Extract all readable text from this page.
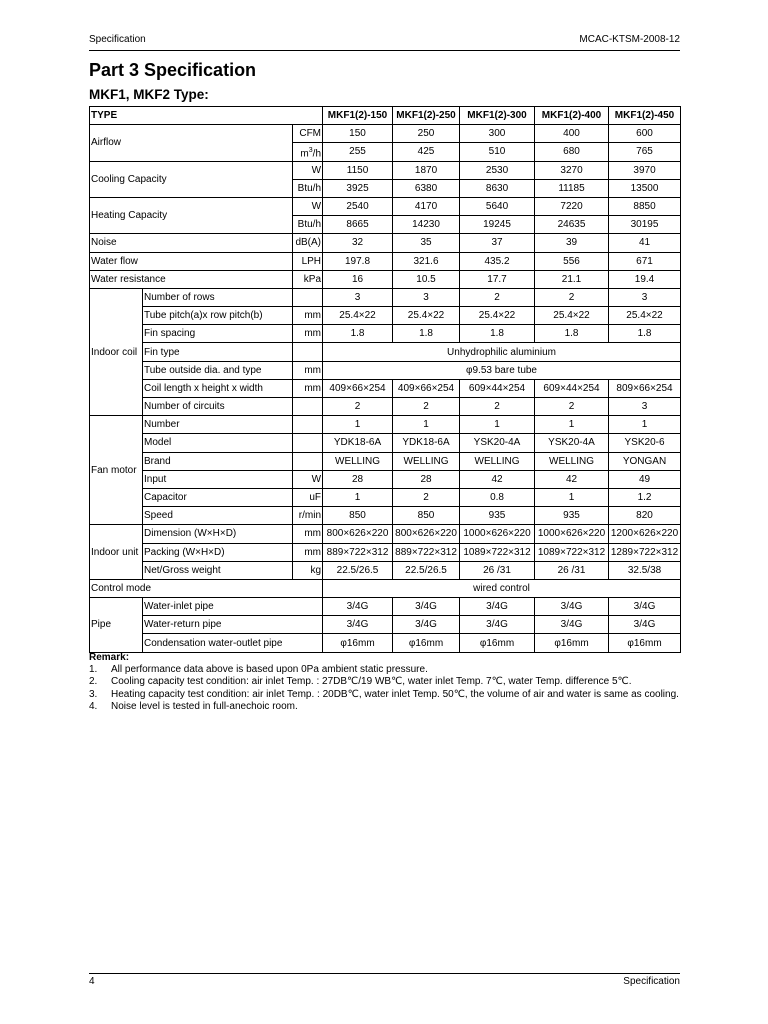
Specification	MCAC-KTSM-2008-12
Part 3 Specification
MKF1, MKF2 Type:
TYPE			MKF1(2)-150	MKF1(2)-250	MKF1(2)-300	MKF1(2)-400	MKF1(2)-450
Airflow		CFM	150	250	300	400	600
		$m^3/h$	255	425	510	680	765
Cooling Capacity		W	1150	1870	2530	3270	3970
		Btu/h	3925	6380	8630	11185	13500
Heating Capacity		W	2540	4170	5640	7220	8850
		Btu/h	8665	14230	19245	24635	30195
Noise		dB(A)	32	35	37	39	41
Water flow		LPH	197.8	321.6	435.2	556	671
Water resistance		kPa	16	10.5	17.7	21.1	19.4
Indoor coil	Number of rows		3	3	2	2	3
	Tube pitch(a)x row pitch(b)	mm	25.4×22	25.4×22	25.4×22	25.4×22	25.4×22
	Fin spacing	mm	1.8	1.8	1.8	1.8	1.8
	Fin type		Unhydrophilic aluminium				
	Tube outside dia. and type	mm	φ9.53 bare tube				
	Coil length x height x width	mm	409×66×254	409×66×254	609×44×254	609×44×254	809×66×254
	Number of circuits		2	2	2	2	3
Fan motor	Number		1	1	1	1	1
	Model		YDK18-6A	YDK18-6A	YSK20-4A	YSK20-4A	YSK20-6
	Brand		WELLING	WELLING	WELLING	WELLING	YONGAN
	Input	W	28	28	42	42	49
	Capacitor	uF	1	2	0.8	1	1.2
	Speed	r/min	850	850	935	935	820
Indoor unit	Dimension (W×H×D)	mm	800×626×220	800×626×220	1000×626×220	1000×626×220	1200×626×220
	Packing (W×H×D)	mm	889×722×312	889×722×312	1089×722×312	1089×722×312	1289×722×312
	Net/Gross weight	kg	22.5/26.5	22.5/26.5	26 /31	26 /31	32.5/38
Control mode			wired control				
Pipe	Water-inlet pipe		3/4G	3/4G	3/4G	3/4G	3/4G
	Water-return pipe		3/4G	3/4G	3/4G	3/4G	3/4G
	Condensation water-outlet pipe		φ16mm	φ16mm	φ16mm	φ16mm	φ16mm
Remark:
1. All performance data above is based upon 0Pa ambient static pressure.
2. Cooling capacity test condition: air inlet Temp. : 27DB℃/19 WB℃, water inlet Temp. 7℃, water Temp. difference 5℃.
3. Heating capacity test condition: air inlet Temp. : 20DB℃, water inlet Temp. 50℃, the volume of air and water is same as cooling.
4. Noise level is tested in full-anechoic room.
4	Specification
